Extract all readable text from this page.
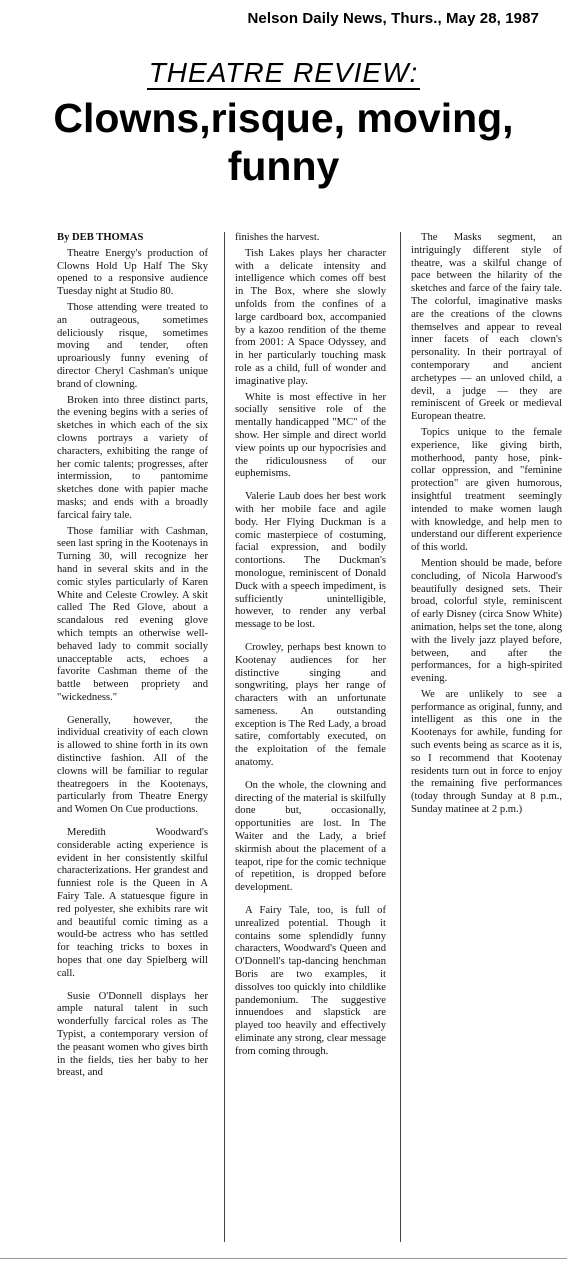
Nelson Daily News, Thurs., May 28, 1987
THEATRE REVIEW:
Clowns,risque, moving,
funny

By DEB THOMAS

Theatre Energy's production of Clowns Hold Up Half The Sky opened to a responsive audience Tuesday night at Studio 80.

Those attending were treated to an outrageous, sometimes deliciously risque, sometimes moving and tender, often uproariously funny evening of director Cheryl Cashman's unique brand of clowning.

Broken into three distinct parts, the evening begins with a series of sketches in which each of the six clowns portrays a variety of characters, exhibiting the range of her comic talents; progresses, after intermission, to pantomime sketches done with papier mache masks; and ends with a broadly farcical fairy tale.

Those familiar with Cashman, seen last spring in the Kootenays in Turning 30, will recognize her hand in several skits and in the comic styles particularly of Karen White and Celeste Crowley. A skit called The Red Glove, about a scandalous red evening glove which tempts an otherwise well-behaved lady to commit socially unacceptable acts, echoes a favorite Cashman theme of the battle between propriety and "wickedness."

Generally, however, the individual creativity of each clown is allowed to shine forth in its own distinctive fashion. All of the clowns will be familiar to regular theatregoers in the Kootenays, particularly from Theatre Energy and Women On Cue productions.

Meredith Woodward's considerable acting experience is evident in her consistently skilful characterizations. Her grandest and funniest role is the Queen in A Fairy Tale. A statuesque figure in red polyester, she exhibits rare wit and beautiful comic timing as a would-be actress who has settled for teaching tricks to boxes in hopes that one day Spielberg will call.

Susie O'Donnell displays her ample natural talent in such wonderfully farcical roles as The Typist, a contemporary version of the peasant women who gives birth in the fields, ties her baby to her breast, and

finishes the harvest.

Tish Lakes plays her character with a delicate intensity and intelligence which comes off best in The Box, where she slowly unfolds from the confines of a large cardboard box, accompanied by a kazoo rendition of the theme from 2001: A Space Odyssey, and in her particularly touching mask role as a child, full of wonder and imaginative play.

White is most effective in her socially sensitive role of the mentally handicapped "MC" of the show. Her simple and direct world view points up our hypocrisies and the ridiculousness of our euphemisms.

Valerie Laub does her best work with her mobile face and agile body. Her Flying Duckman is a comic masterpiece of costuming, facial expression, and bodily contortions. The Duckman's monologue, reminiscent of Donald Duck with a speech impediment, is sufficiently unintelligible, however, to render any verbal message to be lost.

Crowley, perhaps best known to Kootenay audiences for her distinctive singing and songwriting, plays her range of characters with an unfortunate sameness. An outstanding exception is The Red Lady, a broad satire, comfortably executed, on the exploitation of the female anatomy.

On the whole, the clowning and directing of the material is skilfully done but, occasionally, opportunities are lost. In The Waiter and the Lady, a brief skirmish about the placement of a teapot, ripe for the comic technique of repetition, is dropped before development.

A Fairy Tale, too, is full of unrealized potential. Though it contains some splendidly funny characters, Woodward's Queen and O'Donnell's tap-dancing henchman Boris are two examples, it dissolves too quickly into childlike pandemonium. The suggestive innuendoes and slapstick are played too heavily and effectively eliminate any strong, clear message from coming through.

The Masks segment, an intriguingly different style of theatre, was a skilful change of pace between the hilarity of the sketches and farce of the fairy tale. The colorful, imaginative masks are the creations of the clowns themselves and appear to reveal inner facets of each clown's personality. In their portrayal of contemporary and ancient archetypes — an unloved child, a devil, a judge — they are reminiscent of Greek or medieval European theatre.

Topics unique to the female experience, like giving birth, motherhood, panty hose, pink-collar oppression, and "feminine protection" are given humorous, insightful treatment seemingly intended to make women laugh with knowledge, and help men to understand our different experience of this world.

Mention should be made, before concluding, of Nicola Harwood's beautifully designed sets. Their broad, colorful style, reminiscent of early Disney (circa Snow White) animation, helps set the tone, along with the lively jazz played before, between, and after the performances, for a high-spirited evening.

We are unlikely to see a performance as original, funny, and intelligent as this one in the Kootenays for awhile, funding for such events being as scarce as it is, so I recommend that Kootenay residents turn out in force to enjoy the remaining five performances (today through Sunday at 8 p.m., Sunday matinee at 2 p.m.)
